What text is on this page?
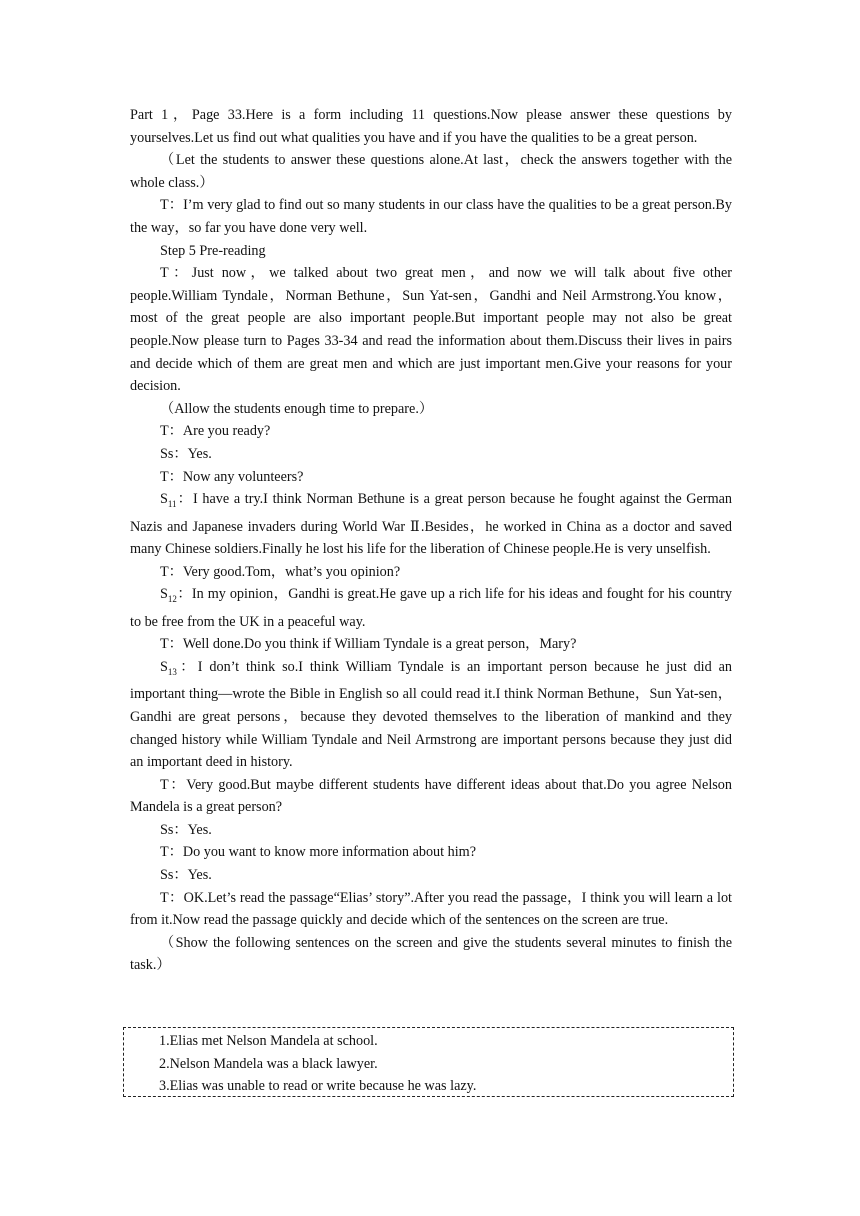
Part 1，Page 33.Here is a form including 11 questions.Now please answer these questions by yourselves.Let us find out what qualities you have and if you have the qualities to be a great person.

（Let the students to answer these questions alone.At last，check the answers together with the whole class.）

T：I’m very glad to find out so many students in our class have the qualities to be a great person.By the way，so far you have done very well.

Step 5 Pre-reading

T：Just now，we talked about two great men，and now we will talk about five other people.William Tyndale，Norman Bethune，Sun Yat-sen，Gandhi and Neil Armstrong.You know，most of the great people are also important people.But important people may not also be great people.Now please turn to Pages 33-34 and read the information about them.Discuss their lives in pairs and decide which of them are great men and which are just important men.Give your reasons for your decision.

（Allow the students enough time to prepare.）

T：Are you ready?

Ss：Yes.

T：Now any volunteers?

$S_{11}$：I have a try.I think Norman Bethune is a great person because he fought against the German Nazis and Japanese invaders during World War Ⅱ.Besides，he worked in China as a doctor and saved many Chinese soldiers.Finally he lost his life for the liberation of Chinese people.He is very unselfish.

T：Very good.Tom，what’s you opinion?

$S_{12}$：In my opinion，Gandhi is great.He gave up a rich life for his ideas and fought for his country to be free from the UK in a peaceful way.

T：Well done.Do you think if William Tyndale is a great person，Mary?

$S_{13}$：I don’t think so.I think William Tyndale is an important person because he just did an important thing—wrote the Bible in English so all could read it.I think Norman Bethune，Sun Yat-sen，Gandhi are great persons，because they devoted themselves to the liberation of mankind and they changed history while William Tyndale and Neil Armstrong are important persons because they just did an important deed in history.

T：Very good.But maybe different students have different ideas about that.Do you agree Nelson Mandela is a great person?

Ss：Yes.

T：Do you want to know more information about him?

Ss：Yes.

T：OK.Let’s read the passage“Elias’ story”.After you read the passage，I think you will learn a lot from it.Now read the passage quickly and decide which of the sentences on the screen are true.

（Show the following sentences on the screen and give the students several minutes to finish the task.）

1.Elias met Nelson Mandela at school.

2.Nelson Mandela was a black lawyer.

3.Elias was unable to read or write because he was lazy.
